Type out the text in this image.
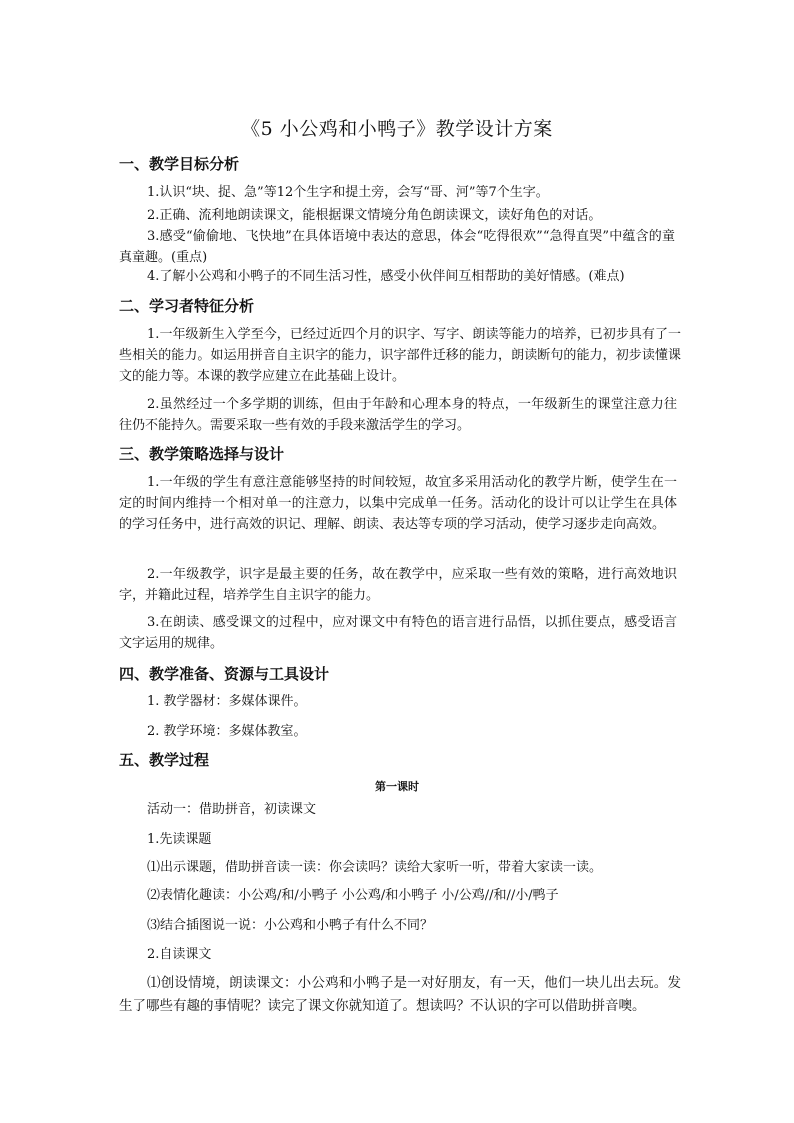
《5 小公鸡和小鸭子》教学设计方案
一、教学目标分析
1.认识“块、捉、急”等12个生字和提土旁，会写“哥、河”等7个生字。
2.正确、流利地朗读课文，能根据课文情境分角色朗读课文，读好角色的对话。
3.感受“偷偷地、飞快地”在具体语境中表达的意思，体会“吃得很欢”“急得直哭”中蕴含的童真童趣。(重点)
4.了解小公鸡和小鸭子的不同生活习性，感受小伙伴间互相帮助的美好情感。(难点)
二、学习者特征分析
1.一年级新生入学至今，已经过近四个月的识字、写字、朗读等能力的培养，已初步具有了一些相关的能力。如运用拼音自主识字的能力，识字部件迁移的能力，朗读断句的能力，初步读懂课文的能力等。本课的教学应建立在此基础上设计。
2.虽然经过一个多学期的训练，但由于年龄和心理本身的特点，一年级新生的课堂注意力往往仍不能持久。需要采取一些有效的手段来激活学生的学习。
三、教学策略选择与设计
1.一年级的学生有意注意能够坚持的时间较短，故宜多采用活动化的教学片断，使学生在一定的时间内维持一个相对单一的注意力，以集中完成单一任务。活动化的设计可以让学生在具体的学习任务中，进行高效的识记、理解、朗读、表达等专项的学习活动，使学习逐步走向高效。
2.一年级教学，识字是最主要的任务，故在教学中，应采取一些有效的策略，进行高效地识字，并籍此过程，培养学生自主识字的能力。
3.在朗读、感受课文的过程中，应对课文中有特色的语言进行品悟，以抓住要点，感受语言文字运用的规律。
四、教学准备、资源与工具设计
1. 教学器材：多媒体课件。
2. 教学环境：多媒体教室。
五、教学过程
第一课时
活动一：借助拼音，初读课文
1.先读课题
⑴出示课题，借助拼音读一读：你会读吗？读给大家听一听，带着大家读一读。
⑵表情化趣读：小公鸡/和/小鸭子 小公鸡/和小鸭子 小/公鸡//和//小/鸭子
⑶结合插图说一说：小公鸡和小鸭子有什么不同？
2.自读课文
⑴创设情境，朗读课文：小公鸡和小鸭子是一对好朋友，有一天，他们一块儿出去玩。发生了哪些有趣的事情呢？读完了课文你就知道了。想读吗？不认识的字可以借助拼音噢。
